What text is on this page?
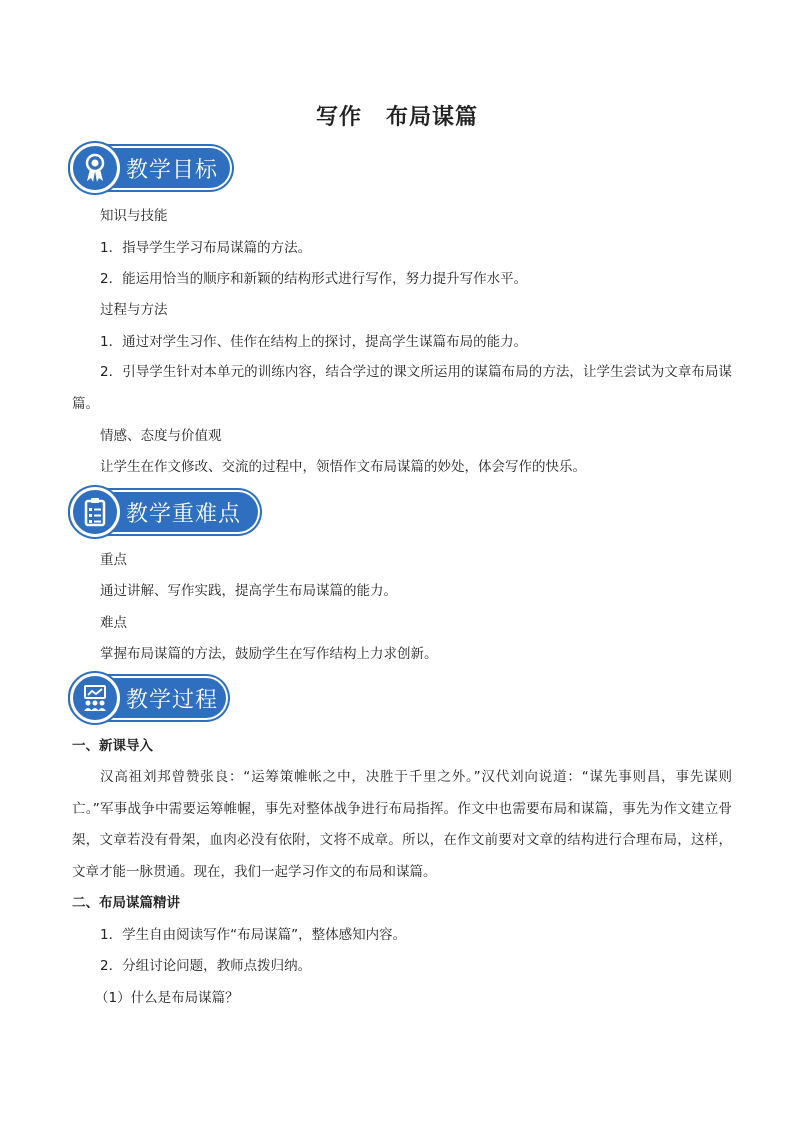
写作 布局谋篇
教学目标
知识与技能
1．指导学生学习布局谋篇的方法。
2．能运用恰当的顺序和新颖的结构形式进行写作，努力提升写作水平。
过程与方法
1．通过对学生习作、佳作在结构上的探讨，提高学生谋篇布局的能力。
2．引导学生针对本单元的训练内容，结合学过的课文所运用的谋篇布局的方法，让学生尝试为文章布局谋篇。
情感、态度与价值观
让学生在作文修改、交流的过程中，领悟作文布局谋篇的妙处，体会写作的快乐。
教学重难点
重点
通过讲解、写作实践，提高学生布局谋篇的能力。
难点
掌握布局谋篇的方法，鼓励学生在写作结构上力求创新。
教学过程
一、新课导入
汉高祖刘邦曾赞张良：“运筹策帷帐之中，决胜于千里之外。”汉代刘向说道：“谋先事则昌，事先谋则亡。”军事战争中需要运筹帷幄，事先对整体战争进行布局指挥。作文中也需要布局和谋篇，事先为作文建立骨架，文章若没有骨架，血肉必没有依附，文将不成章。所以，在作文前要对文章的结构进行合理布局，这样，文章才能一脉贯通。现在，我们一起学习作文的布局和谋篇。
二、布局谋篇精讲
1．学生自由阅读写作“布局谋篇”，整体感知内容。
2．分组讨论问题，教师点拨归纳。
（1）什么是布局谋篇？
